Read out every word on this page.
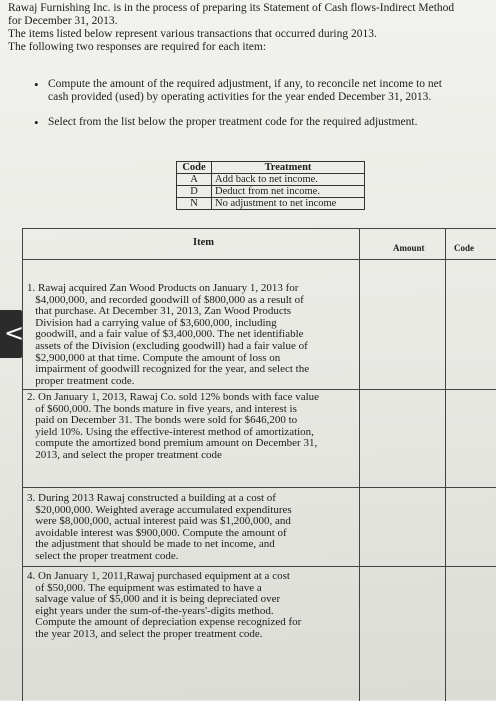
Rawaj Furnishing Inc. is in the process of preparing its Statement of Cash flows-Indirect Method
for December 31, 2013.
The items listed below represent various transactions that occurred during 2013.
The following two responses are required for each item:
• Compute the amount of the required adjustment, if any, to reconcile net income to net
cash provided (used) by operating activities for the year ended December 31, 2013.
• Select from the list below the proper treatment code for the required adjustment.
Code	Treatment
A	Add back to net income.
D	Deduct from net income.
N	No adjustment to net income
Item	Amount	Code
1. Rawaj acquired Zan Wood Products on January 1, 2013 for
$4,000,000, and recorded goodwill of $800,000 as a result of
that purchase. At December 31, 2013, Zan Wood Products
Division had a carrying value of $3,600,000, including
goodwill, and a fair value of $3,400,000. The net identifiable
assets of the Division (excluding goodwill) had a fair value of
$2,900,000 at that time. Compute the amount of loss on
impairment of goodwill recognized for the year, and select the
proper treatment code.
2. On January 1, 2013, Rawaj Co. sold 12% bonds with face value
of $600,000. The bonds mature in five years, and interest is
paid on December 31. The bonds were sold for $646,200 to
yield 10%. Using the effective-interest method of amortization,
compute the amortized bond premium amount on December 31,
2013, and select the proper treatment code
3. During 2013 Rawaj constructed a building at a cost of
$20,000,000. Weighted average accumulated expenditures
were $8,000,000, actual interest paid was $1,200,000, and
avoidable interest was $900,000. Compute the amount of
the adjustment that should be made to net income, and
select the proper treatment code.
4. On January 1, 2011,Rawaj purchased equipment at a cost
of $50,000. The equipment was estimated to have a
salvage value of $5,000 and it is being depreciated over
eight years under the sum-of-the-years'-digits method.
Compute the amount of depreciation expense recognized for
the year 2013, and select the proper treatment code.
<
